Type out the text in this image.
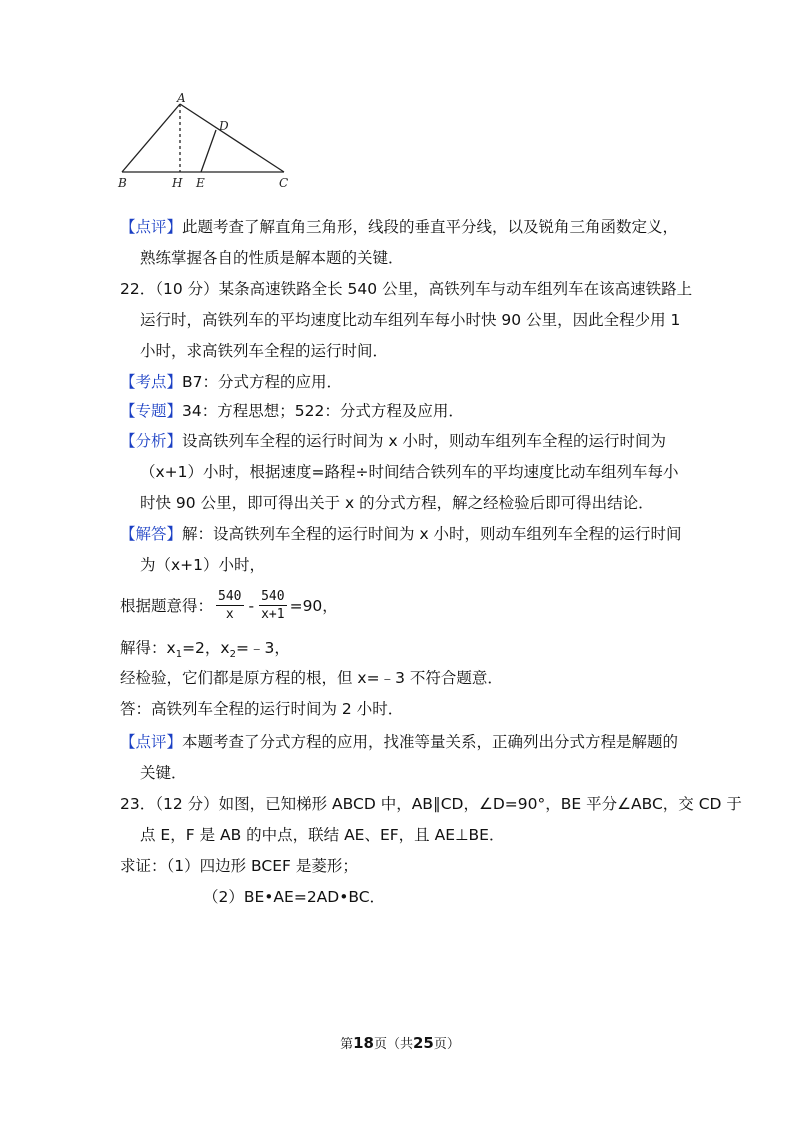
A
D
B	H E	C
【点评】此题考查了解直角三角形，线段的垂直平分线，以及锐角三角函数定义，
熟练掌握各自的性质是解本题的关键．
22．（10 分）某条高速铁路全长 540 公里，高铁列车与动车组列车在该高速铁路上
运行时，高铁列车的平均速度比动车组列车每小时快 90 公里，因此全程少用 1
小时，求高铁列车全程的运行时间．
【考点】B7：分式方程的应用．
【专题】34：方程思想；522：分式方程及应用．
【分析】设高铁列车全程的运行时间为 x 小时，则动车组列车全程的运行时间为
（x+1）小时，根据速度=路程÷时间结合铁列车的平均速度比动车组列车每小
时快 90 公里，即可得出关于 x 的分式方程，解之经检验后即可得出结论．
【解答】解：设高铁列车全程的运行时间为 x 小时，则动车组列车全程的运行时间
为（x+1）小时，
根据题意得： $\frac{540}{x} - \frac{540}{x+1} =90$，
解得：$x_1=2$，$x_2=﹣3$，
经检验，它们都是原方程的根，但 x=﹣3 不符合题意．
答：高铁列车全程的运行时间为 2 小时．
【点评】本题考查了分式方程的应用，找准等量关系，正确列出分式方程是解题的
关键．
23．（12 分）如图，已知梯形 ABCD 中，AB∥CD，∠D=90°，BE 平分∠ABC，交 CD 于
点 E，F 是 AB 的中点，联结 AE、EF，且 AE⊥BE．
求证：（1）四边形 BCEF 是菱形；
（2）BE•AE=2AD•BC．
第18页（共25页）
